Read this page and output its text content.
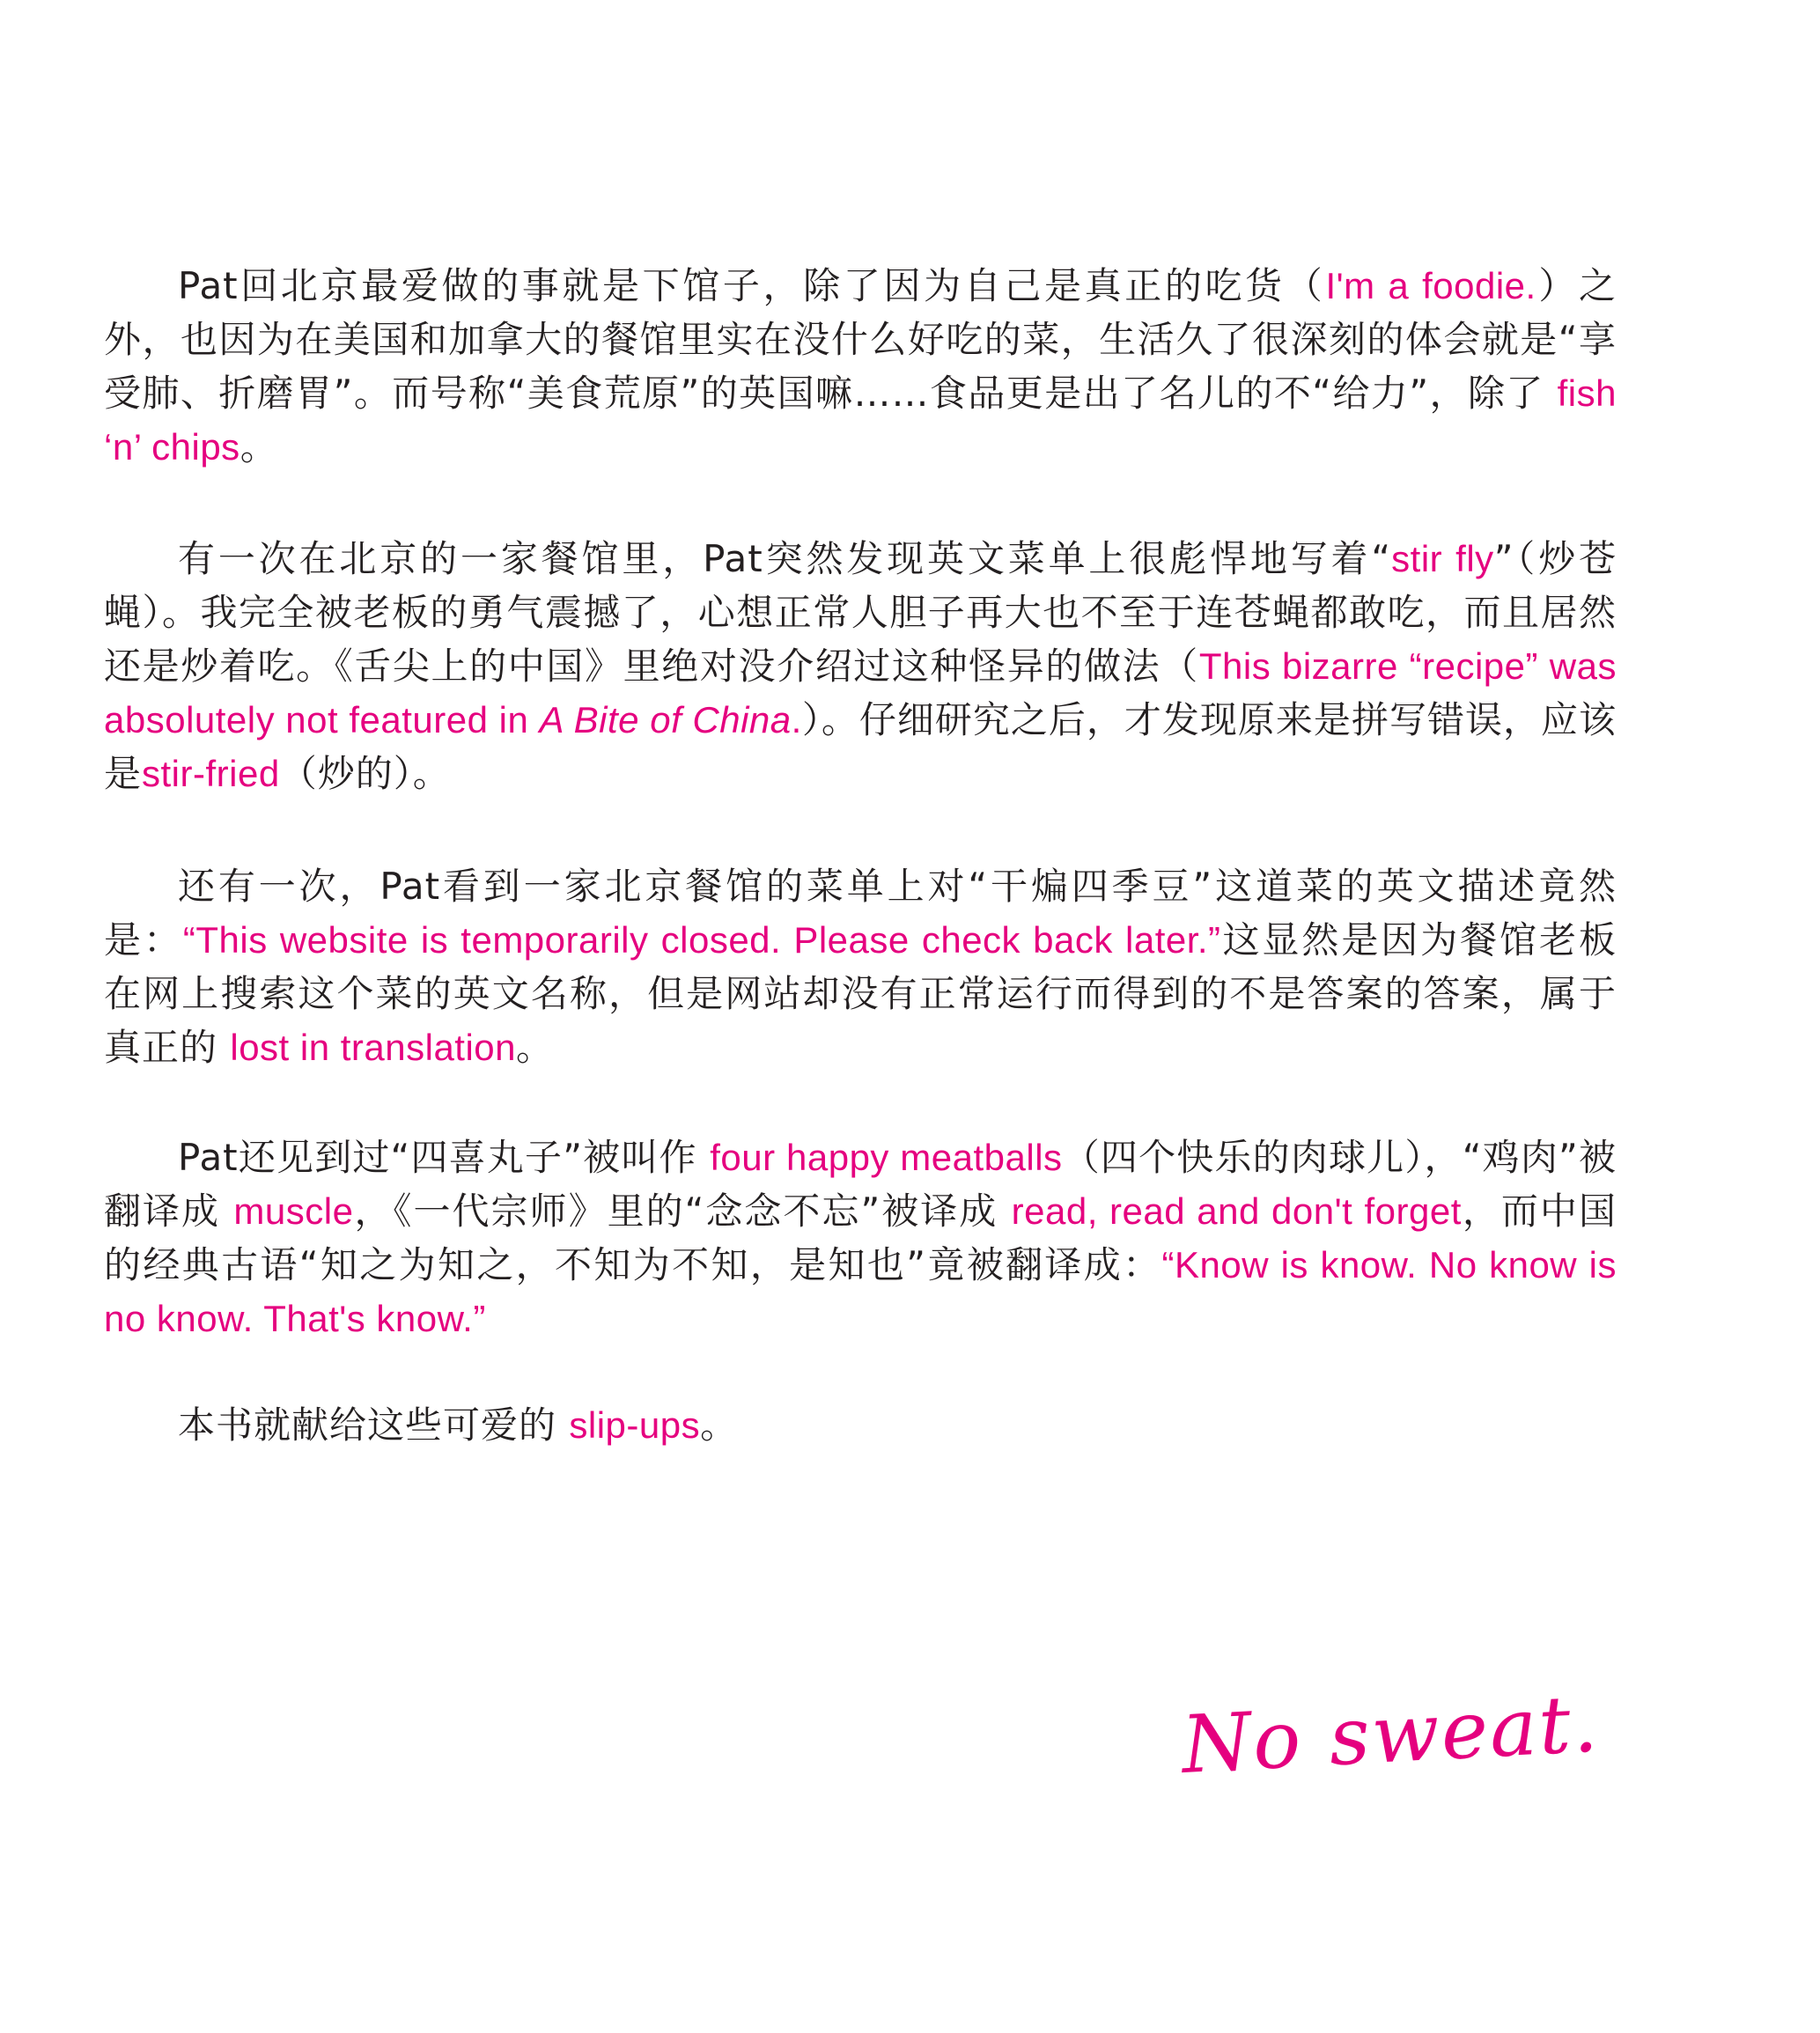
Pat回北京最爱做的事就是下馆子，除了因为自己是真正的吃货（I'm a foodie.）之外，也因为在美国和加拿大的餐馆里实在没什么好吃的菜，生活久了很深刻的体会就是“享受肺、折磨胃”。而号称“美食荒原”的英国嘛……食品更是出了名儿的不“给力”，除了 fish ‘n’ chips。

有一次在北京的一家餐馆里，Pat突然发现英文菜单上很彪悍地写着“stir fly”（炒苍蝇）。我完全被老板的勇气震撼了，心想正常人胆子再大也不至于连苍蝇都敢吃，而且居然还是炒着吃。《舌尖上的中国》里绝对没介绍过这种怪异的做法（This bizarre “recipe” was absolutely not featured in A Bite of China.）。仔细研究之后，才发现原来是拼写错误，应该是stir-fried（炒的）。

还有一次，Pat看到一家北京餐馆的菜单上对“干煸四季豆”这道菜的英文描述竟然是：“This website is temporarily closed. Please check back later.”这显然是因为餐馆老板在网上搜索这个菜的英文名称，但是网站却没有正常运行而得到的不是答案的答案，属于真正的 lost in translation。

Pat还见到过“四喜丸子”被叫作 four happy meatballs（四个快乐的肉球儿），“鸡肉”被翻译成 muscle，《一代宗师》里的“念念不忘”被译成 read, read and don't forget，而中国的经典古语“知之为知之，不知为不知，是知也”竟被翻译成：“Know is know. No know is no know. That's know.”

本书就献给这些可爱的 slip-ups。

No sweat.
